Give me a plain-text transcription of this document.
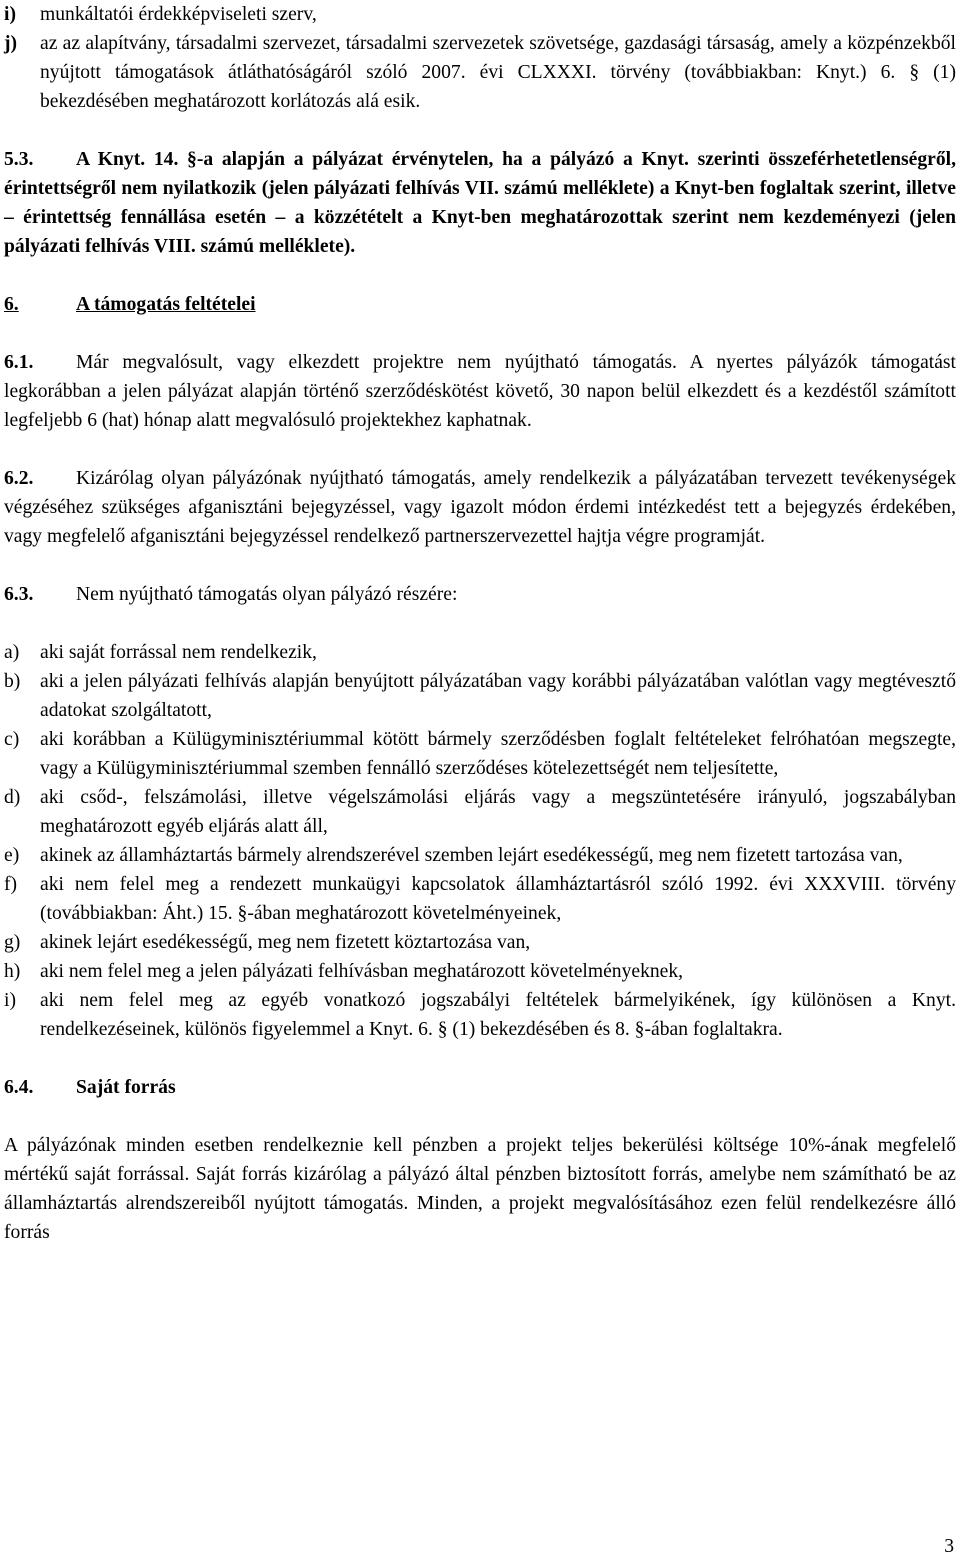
i)	munkáltatói érdekképviseleti szerv,
j)	az az alapítvány, társadalmi szervezet, társadalmi szervezetek szövetsége, gazdasági társaság, amely a közpénzekből nyújtott támogatások átláthatóságáról szóló 2007. évi CLXXXI. törvény (továbbiakban: Knyt.) 6. § (1) bekezdésében meghatározott korlátozás alá esik.

5.3. A Knyt. 14. §-a alapján a pályázat érvénytelen, ha a pályázó a Knyt. szerinti összeférhetetlenségről, érintettségről nem nyilatkozik (jelen pályázati felhívás VII. számú melléklete) a Knyt-ben foglaltak szerint, illetve – érintettség fennállása esetén – a közzétételt a Knyt-ben meghatározottak szerint nem kezdeményezi (jelen pályázati felhívás VIII. számú melléklete).

6.	A támogatás feltételei

6.1. Már megvalósult, vagy elkezdett projektre nem nyújtható támogatás. A nyertes pályázók támogatást legkorábban a jelen pályázat alapján történő szerződéskötést követő, 30 napon belül elkezdett és a kezdéstől számított legfeljebb 6 (hat) hónap alatt megvalósuló projektekhez kaphatnak.

6.2. Kizárólag olyan pályázónak nyújtható támogatás, amely rendelkezik a pályázatában tervezett tevékenységek végzéséhez szükséges afganisztáni bejegyzéssel, vagy igazolt módon érdemi intézkedést tett a bejegyzés érdekében, vagy megfelelő afganisztáni bejegyzéssel rendelkező partnerszervezettel hajtja végre programját.

6.3. Nem nyújtható támogatás olyan pályázó részére:

a)	aki saját forrással nem rendelkezik,
b)	aki a jelen pályázati felhívás alapján benyújtott pályázatában vagy korábbi pályázatában valótlan vagy megtévesztő adatokat szolgáltatott,
c)	aki korábban a Külügyminisztériummal kötött bármely szerződésben foglalt feltételeket felróhatóan megszegte, vagy a Külügyminisztériummal szemben fennálló szerződéses kötelezettségét nem teljesítette,
d)	aki csőd-, felszámolási, illetve végelszámolási eljárás vagy a megszüntetésére irányuló, jogszabályban meghatározott egyéb eljárás alatt áll,
e)	akinek az államháztartás bármely alrendszerével szemben lejárt esedékességű, meg nem fizetett tartozása van,
f)	aki nem felel meg a rendezett munkaügyi kapcsolatok államháztartásról szóló 1992. évi XXXVIII. törvény (továbbiakban: Áht.) 15. §-ában meghatározott követelményeinek,
g)	akinek lejárt esedékességű, meg nem fizetett köztartozása van,
h)	aki nem felel meg a jelen pályázati felhívásban meghatározott követelményeknek,
i)	aki nem felel meg az egyéb vonatkozó jogszabályi feltételek bármelyikének, így különösen a Knyt. rendelkezéseinek, különös figyelemmel a Knyt. 6. § (1) bekezdésében és 8. §-ában foglaltakra.

6.4. Saját forrás

A pályázónak minden esetben rendelkeznie kell pénzben a projekt teljes bekerülési költsége 10%-ának megfelelő mértékű saját forrással. Saját forrás kizárólag a pályázó által pénzben biztosított forrás, amelybe nem számítható be az államháztartás alrendszereiből nyújtott támogatás. Minden, a projekt megvalósításához ezen felül rendelkezésre álló forrás

3
